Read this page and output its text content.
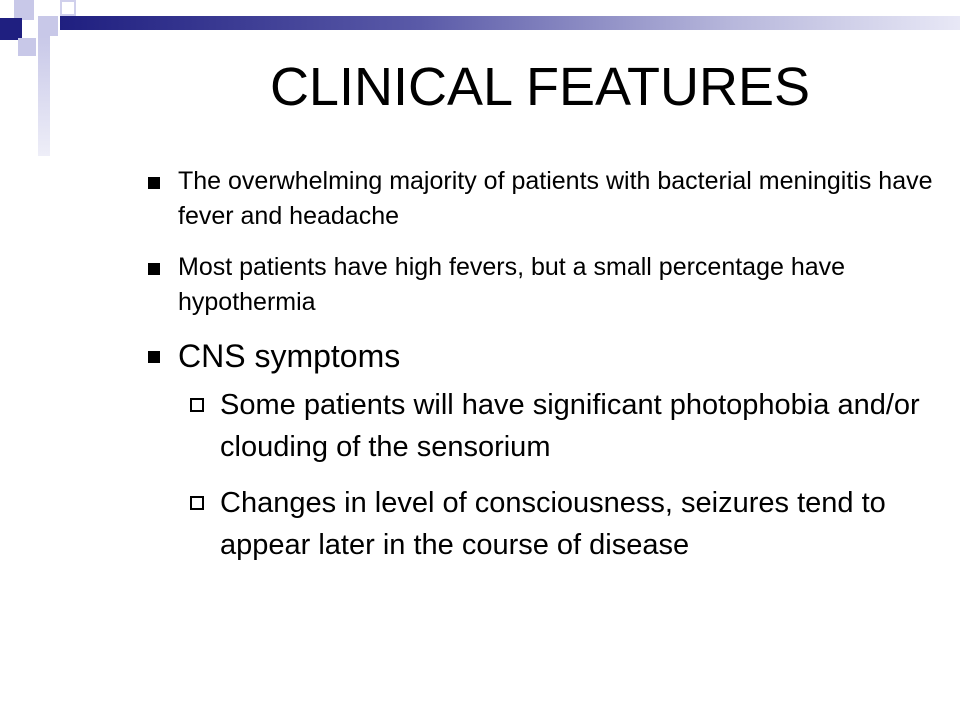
CLINICAL FEATURES
The overwhelming majority of patients with bacterial meningitis have fever and headache
Most patients have high fevers, but a small percentage have hypothermia
CNS symptoms
Some patients will have significant photophobia and/or clouding of the sensorium
Changes in level of consciousness, seizures tend to appear later in the course of disease
